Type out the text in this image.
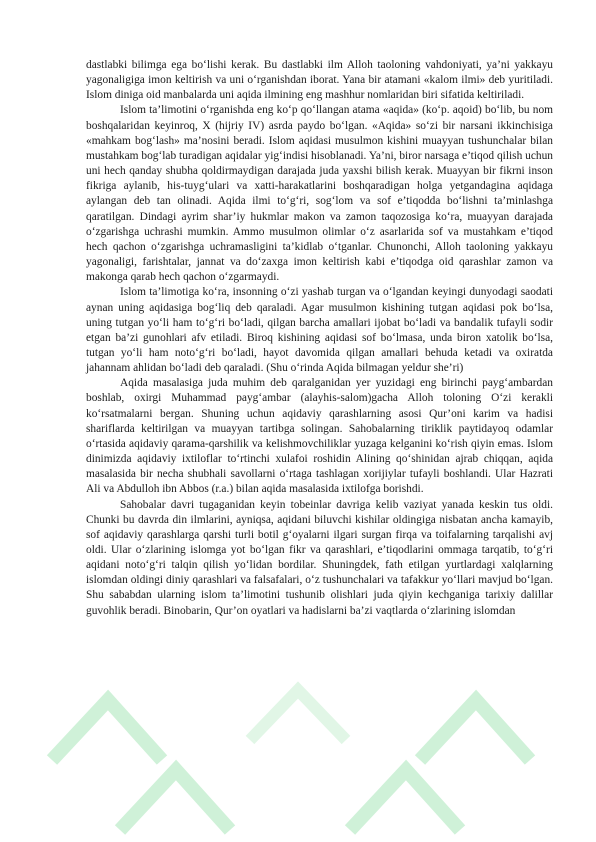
dastlabki bilimga ega bo‘lishi kerak. Bu dastlabki ilm Alloh taoloning vahdoniyati, ya’ni yakkayu yagonaligiga imon keltirish va uni o‘rganishdan iborat. Yana bir atamani «kalom ilmi» deb yuritiladi. Islom diniga oid manbalarda uni aqida ilmining eng mashhur nomlaridan biri sifatida keltiriladi.

Islom ta’limotini o‘rganishda eng ko‘p qo‘llangan atama «aqida» (ko‘p. aqoid) bo‘lib, bu nom boshqalaridan keyinroq, X (hijriy IV) asrda paydo bo‘lgan. «Aqida» so‘zi bir narsani ikkinchisiga «mahkam bog‘lash» ma’nosini beradi. Islom aqidasi musulmon kishini muayyan tushunchalar bilan mustahkam bog‘lab turadigan aqidalar yig‘indisi hisoblanadi. Ya’ni, biror narsaga e’tiqod qilish uchun uni hech qanday shubha qoldirmaydigan darajada juda yaxshi bilish kerak. Muayyan bir fikrni inson fikriga aylanib, his-tuyg‘ulari va xatti-harakatlarini boshqaradigan holga yetgandagina aqidaga aylangan deb tan olinadi. Aqida ilmi to‘g‘ri, sog‘lom va sof e’tiqodda bo‘lishni ta’minlashga qaratilgan. Dindagi ayrim shar’iy hukmlar makon va zamon taqozosiga ko‘ra, muayyan darajada o‘zgarishga uchrashi mumkin. Ammo musulmon olimlar o‘z asarlarida sof va mustahkam e’tiqod hech qachon o‘zgarishga uchramasligini ta’kidlab o‘tganlar. Chunonchi, Alloh taoloning yakkayu yagonaligi, farishtalar, jannat va do‘zaxga imon keltirish kabi e’tiqodga oid qarashlar zamon va makonga qarab hech qachon o‘zgarmaydi.

Islom ta’limotiga ko‘ra, insonning o‘zi yashab turgan va o‘lgandan keyingi dunyodagi saodati aynan uning aqidasiga bog‘liq deb qaraladi. Agar musulmon kishining tutgan aqidasi pok bo‘lsa, uning tutgan yo‘li ham to‘g‘ri bo‘ladi, qilgan barcha amallari ijobat bo‘ladi va bandalik tufayli sodir etgan ba’zi gunohlari afv etiladi. Biroq kishining aqidasi sof bo‘lmasa, unda biron xatolik bo‘lsa, tutgan yo‘li ham noto‘g‘ri bo‘ladi, hayot davomida qilgan amallari behuda ketadi va oxiratda jahannam ahlidan bo‘ladi deb qaraladi. (Shu o‘rinda Aqida bilmagan yeldur she’ri)

Aqida masalasiga juda muhim deb qaralganidan yer yuzidagi eng birinchi payg‘ambardan boshlab, oxirgi Muhammad payg‘ambar (alayhis-salom)gacha Alloh toloning O‘zi kerakli ko‘rsatmalarni bergan. Shuning uchun aqidaviy qarashlarning asosi Qur’oni karim va hadisi shariflarda keltirilgan va muayyan tartibga solingan. Sahobalarning tiriklik paytidayoq odamlar o‘rtasida aqidaviy qarama-qarshilik va kelishmovchiliklar yuzaga kelganini ko‘rish qiyin emas. Islom dinimizda aqidaviy ixtiloflar to‘rtinchi xulafoi roshidin Alining qo‘shinidan ajrab chiqqan, aqida masalasida bir necha shubhali savollarni o‘rtaga tashlagan xorijiylar tufayli boshlandi. Ular Hazrati Ali va Abdulloh ibn Abbos (r.a.) bilan aqida masalasida ixtilofga borishdi.

Sahobalar davri tugaganidan keyin tobeinlar davriga kelib vaziyat yanada keskin tus oldi. Chunki bu davrda din ilmlarini, ayniqsa, aqidani biluvchi kishilar oldingiga nisbatan ancha kamayib, sof aqidaviy qarashlarga qarshi turli botil g‘oyalarni ilgari surgan firqa va toifalarning tarqalishi avj oldi. Ular o‘zlarining islomga yot bo‘lgan fikr va qarashlari, e’tiqodlarini ommaga tarqatib, to‘g‘ri aqidani noto‘g‘ri talqin qilish yo‘lidan bordilar. Shuningdek, fath etilgan yurtlardagi xalqlarning islomdan oldingi diniy qarashlari va falsafalari, o‘z tushunchalari va tafakkur yo‘llari mavjud bo‘lgan. Shu sababdan ularning islom ta’limotini tushunib olishlari juda qiyin kechganiga tarixiy dalillar guvohlik beradi. Binobarin, Qur’on oyatlari va hadislarni ba’zi vaqtlarda o‘zlarining islomdan
